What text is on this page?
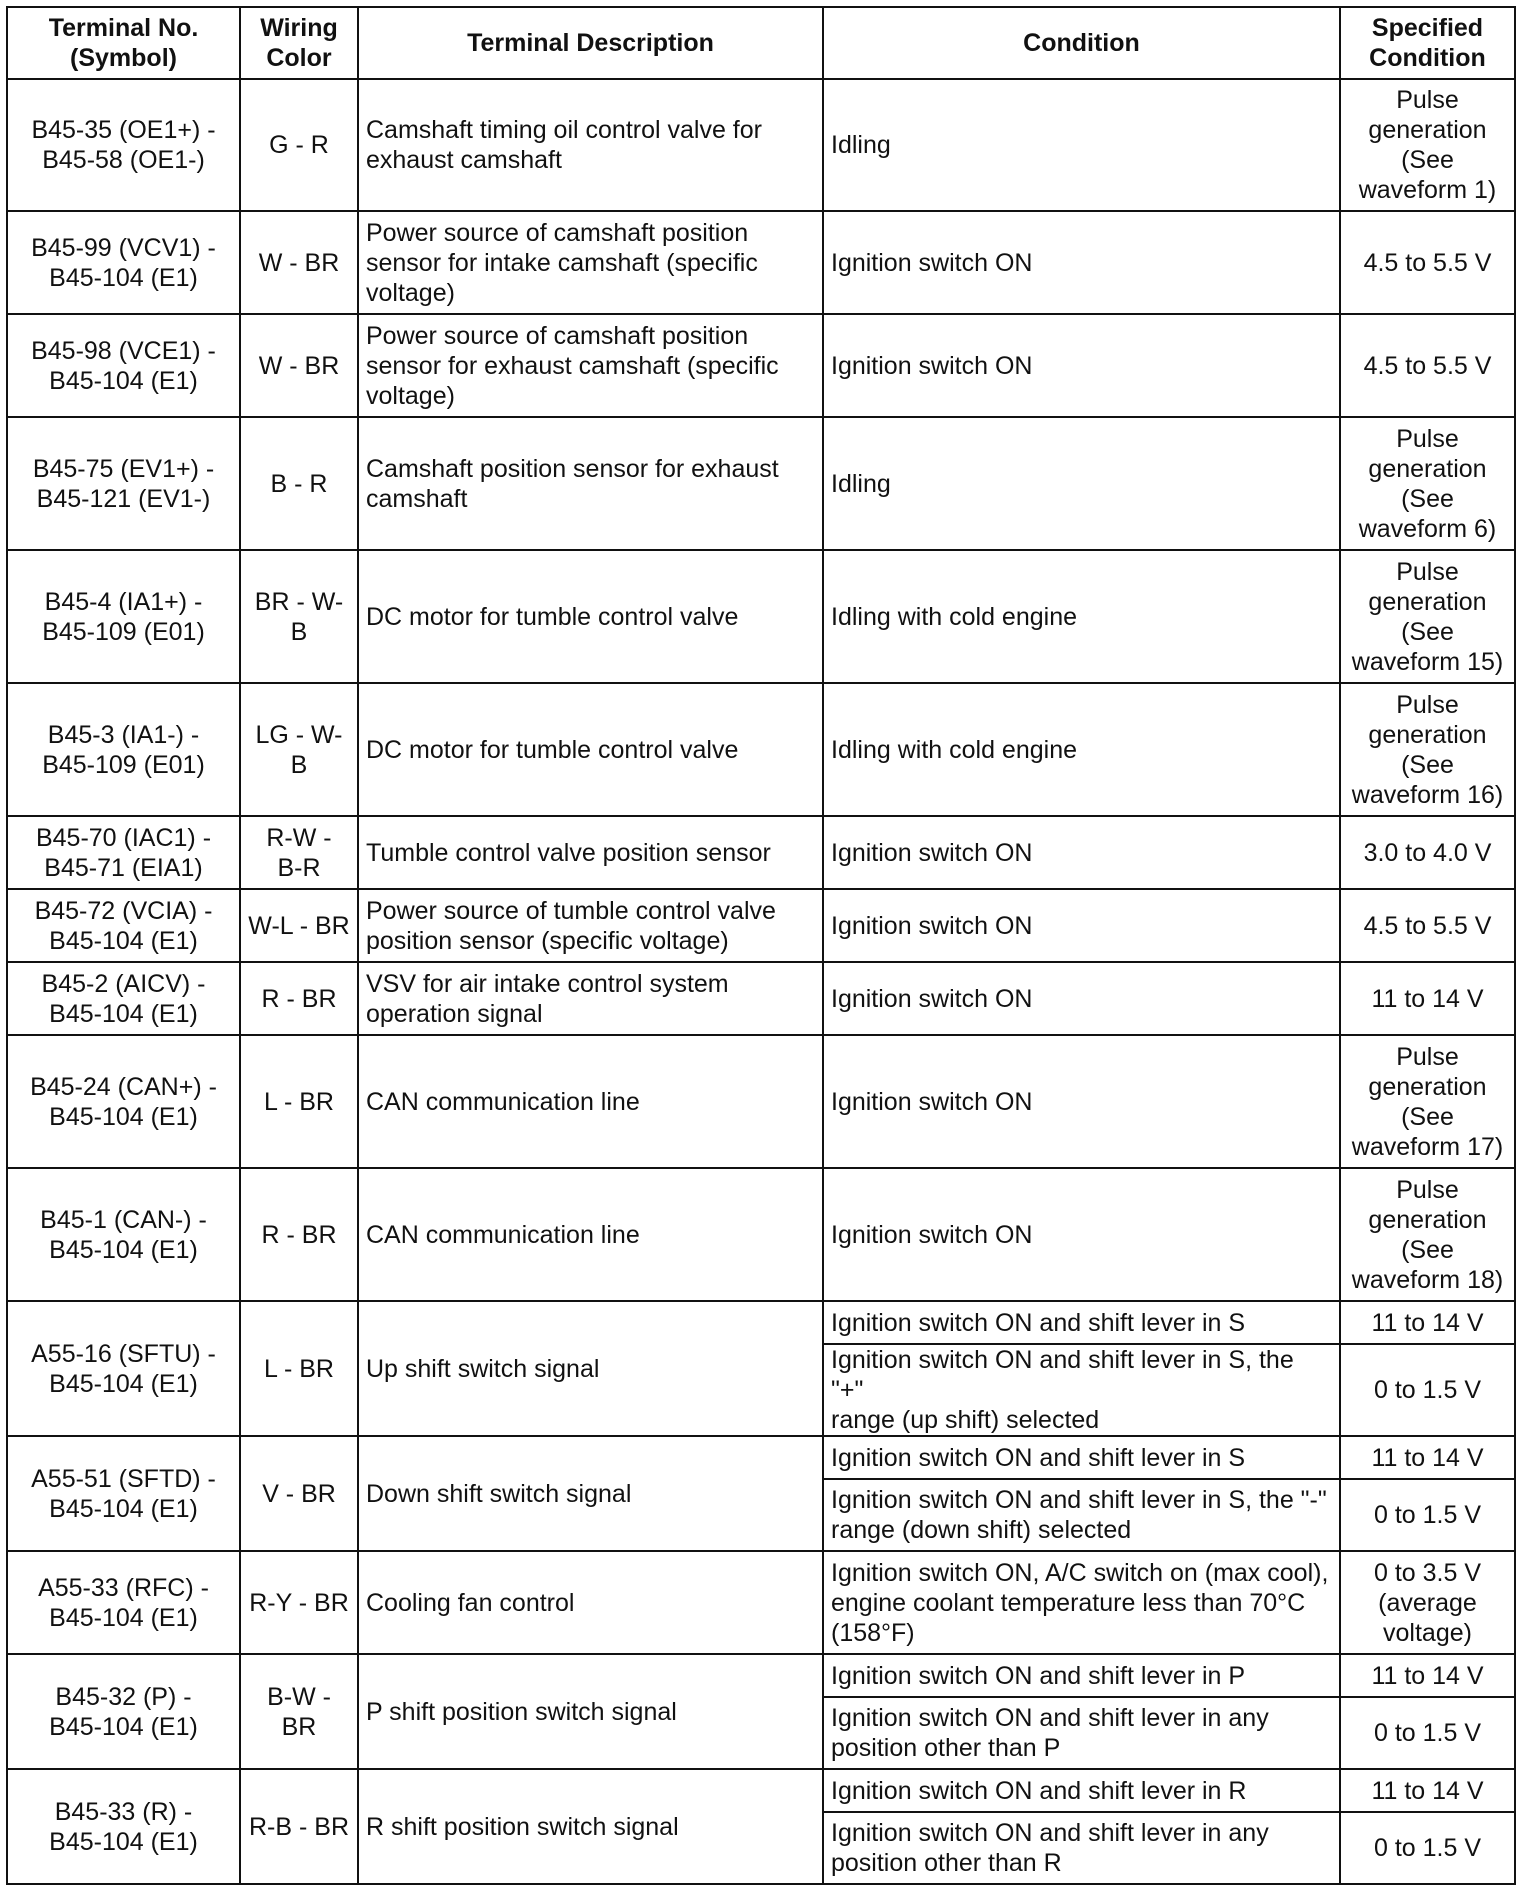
Terminal No.
(Symbol)	Wiring
Color	Terminal Description	Condition	Specified
Condition
B45-35 (OE1+) -
B45-58 (OE1-)	G - R	Camshaft timing oil control valve for
exhaust camshaft	Idling	Pulse
generation
(See
waveform 1)
B45-99 (VCV1) -
B45-104 (E1)	W - BR	Power source of camshaft position
sensor for intake camshaft (specific
voltage)	Ignition switch ON	4.5 to 5.5 V
B45-98 (VCE1) -
B45-104 (E1)	W - BR	Power source of camshaft position
sensor for exhaust camshaft (specific
voltage)	Ignition switch ON	4.5 to 5.5 V
B45-75 (EV1+) -
B45-121 (EV1-)	B - R	Camshaft position sensor for exhaust
camshaft	Idling	Pulse
generation
(See
waveform 6)
B45-4 (IA1+) -
B45-109 (E01)	BR - W-B	DC motor for tumble control valve	Idling with cold engine	Pulse
generation
(See
waveform 15)
B45-3 (IA1-) -
B45-109 (E01)	LG - W-B	DC motor for tumble control valve	Idling with cold engine	Pulse
generation
(See
waveform 16)
B45-70 (IAC1) -
B45-71 (EIA1)	R-W -
B-R	Tumble control valve position sensor	Ignition switch ON	3.0 to 4.0 V
B45-72 (VCIA) -
B45-104 (E1)	W-L - BR	Power source of tumble control valve
position sensor (specific voltage)	Ignition switch ON	4.5 to 5.5 V
B45-2 (AICV) -
B45-104 (E1)	R - BR	VSV for air intake control system
operation signal	Ignition switch ON	11 to 14 V
B45-24 (CAN+) -
B45-104 (E1)	L - BR	CAN communication line	Ignition switch ON	Pulse
generation
(See
waveform 17)
B45-1 (CAN-) -
B45-104 (E1)	R - BR	CAN communication line	Ignition switch ON	Pulse
generation
(See
waveform 18)
A55-16 (SFTU) -
B45-104 (E1)	L - BR	Up shift switch signal	Ignition switch ON and shift lever in S	11 to 14 V
			Ignition switch ON and shift lever in S, the "+"
range (up shift) selected	0 to 1.5 V
A55-51 (SFTD) -
B45-104 (E1)	V - BR	Down shift switch signal	Ignition switch ON and shift lever in S	11 to 14 V
			Ignition switch ON and shift lever in S, the "-"
range (down shift) selected	0 to 1.5 V
A55-33 (RFC) -
B45-104 (E1)	R-Y - BR	Cooling fan control	Ignition switch ON, A/C switch on (max cool),
engine coolant temperature less than 70°C
(158°F)	0 to 3.5 V
(average
voltage)
B45-32 (P) -
B45-104 (E1)	B-W - BR	P shift position switch signal	Ignition switch ON and shift lever in P	11 to 14 V
			Ignition switch ON and shift lever in any
position other than P	0 to 1.5 V
B45-33 (R) -
B45-104 (E1)	R-B - BR	R shift position switch signal	Ignition switch ON and shift lever in R	11 to 14 V
			Ignition switch ON and shift lever in any
position other than R	0 to 1.5 V
